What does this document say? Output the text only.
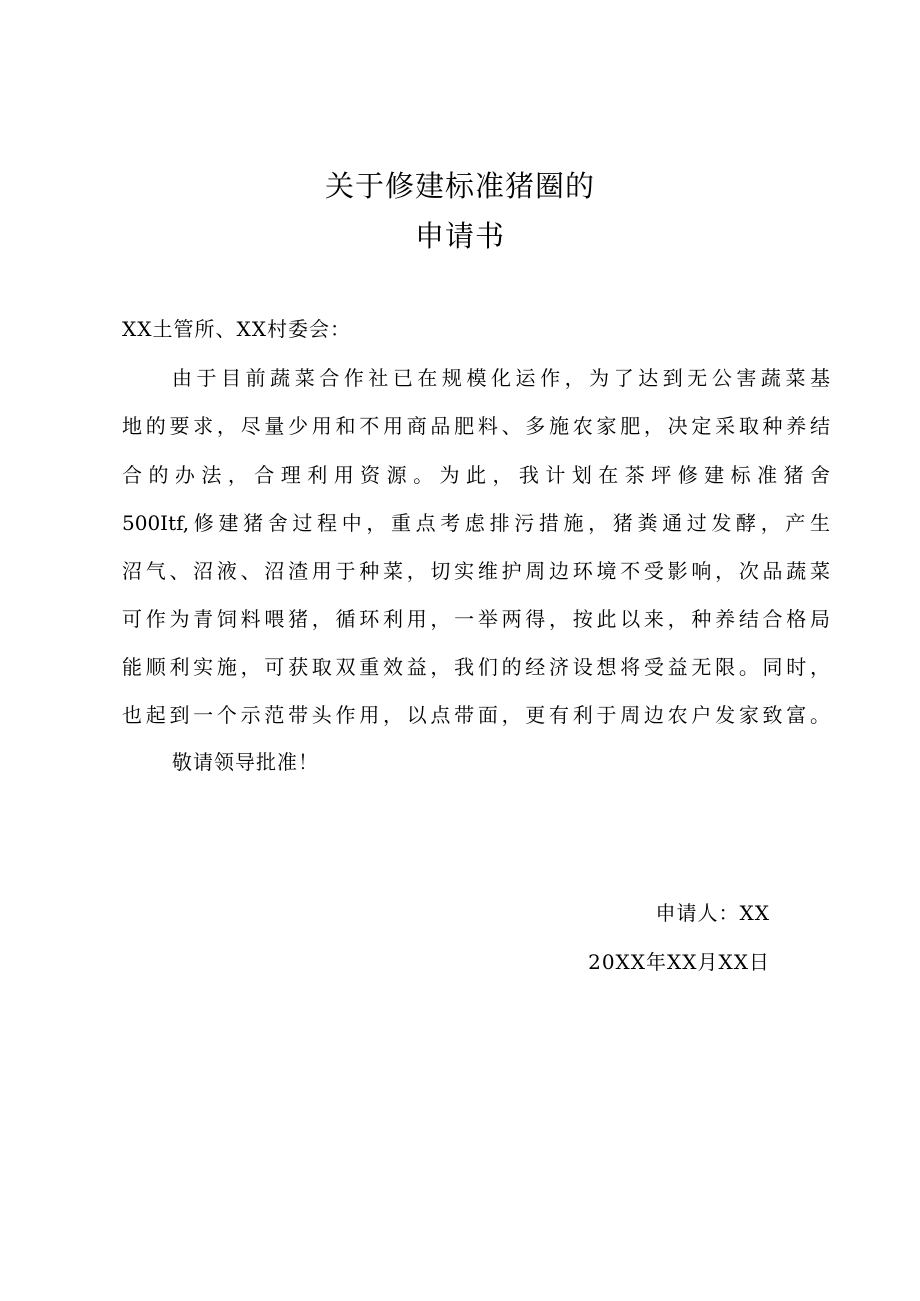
关于修建标准猪圈的
申请书
XX土管所、XX村委会：
由于目前蔬菜合作社已在规模化运作，为了达到无公害蔬菜基
地的要求，尽量少用和不用商品肥料、多施农家肥，决定采取种养结
合的办法，合理利用资源。为此，我计划在茶坪修建标准猪舍
500Itf,修建猪舍过程中，重点考虑排污措施，猪粪通过发酵，产生
沼气、沼液、沼渣用于种菜，切实维护周边环境不受影响，次品蔬菜
可作为青饲料喂猪，循环利用，一举两得，按此以来，种养结合格局
能顺利实施，可获取双重效益，我们的经济设想将受益无限。同时，
也起到一个示范带头作用，以点带面，更有利于周边农户发家致富。
敬请领导批准！
申请人：XX
20XX年XX月XX日
